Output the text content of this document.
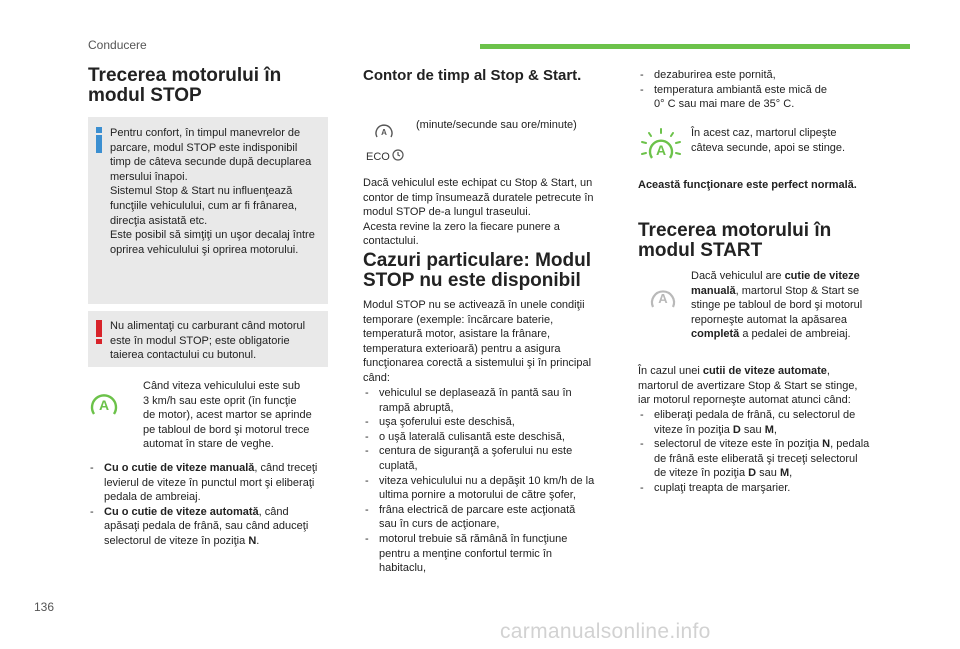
Conducere
Trecerea motorului în
modul STOP

Pentru confort, în timpul manevrelor de
parcare, modul STOP este indisponibil
timp de câteva secunde după decuplarea
mersului înapoi.
Sistemul Stop & Start nu influenţează
funcţiile vehiculului, cum ar fi frânarea,
direcţia asistată etc.
Este posibil să simţiţi un uşor decalaj între
oprirea vehiculului şi oprirea motorului.

Nu alimentaţi cu carburant când motorul
este în modul STOP; este obligatorie
taierea contactului cu butonul.

A

Când viteza vehiculului este sub
3 km/h sau este oprit (în funcţie
de motor), acest martor se aprinde
pe tabloul de bord şi motorul trece
automat în stare de veghe.

- Cu o cutie de viteze manuală, când treceţi
levierul de viteze în punctul mort şi eliberaţi
pedala de ambreiaj.
- Cu o cutie de viteze automată, când
apăsaţi pedala de frână, sau când aduceţi
selectorul de viteze în poziţia N.
Contor de timp al Stop & Start.
A
ECO

(minute/secunde sau ore/minute)

Dacă vehiculul este echipat cu Stop & Start, un
contor de timp însumează duratele petrecute în
modul STOP de-a lungul traseului.
Acesta revine la zero la fiecare punere a
contactului.

Cazuri particulare: Modul
STOP nu este disponibil

Modul STOP nu se activează în unele condiţii
temporare (exemple: încărcare baterie,
temperatură motor, asistare la frânare,
temperatura exterioară) pentru a asigura
funcţionarea corectă a sistemului şi în principal
când:

- vehiculul se deplasează în pantă sau în
rampă abruptă,
- uşa şoferului este deschisă,
- o uşă laterală culisantă este deschisă,
- centura de siguranţă a şoferului nu este
cuplată,
- viteza vehiculului nu a depăşit 10 km/h de la
ultima pornire a motorului de către şofer,
- frâna electrică de parcare este acţionată
sau în curs de acţionare,
- motorul trebuie să rămână în funcţiune
pentru a menţine confortul termic în
habitaclu,
- dezaburirea este pornită,
- temperatura ambiantă este mică de
0° C sau mai mare de 35° C.
A

În acest caz, martorul clipeşte
câteva secunde, apoi se stinge.

Această funcţionare este perfect normală.

Trecerea motorului în
modul START
A

Dacă vehiculul are cutie de viteze
manuală, martorul Stop & Start se
stinge pe tabloul de bord şi motorul
reporneşte automat la apăsarea
completă a pedalei de ambreiaj.

În cazul unei cutii de viteze automate,
martorul de avertizare Stop & Start se stinge,
iar motorul reporneşte automat atunci când:

- eliberaţi pedala de frână, cu selectorul de
viteze în poziţia D sau M,
- selectorul de viteze este în poziţia N, pedala
de frână este eliberată şi treceţi selectorul
de viteze în poziţia D sau M,
- cuplaţi treapta de marşarier.
136
carmanualsonline.info
